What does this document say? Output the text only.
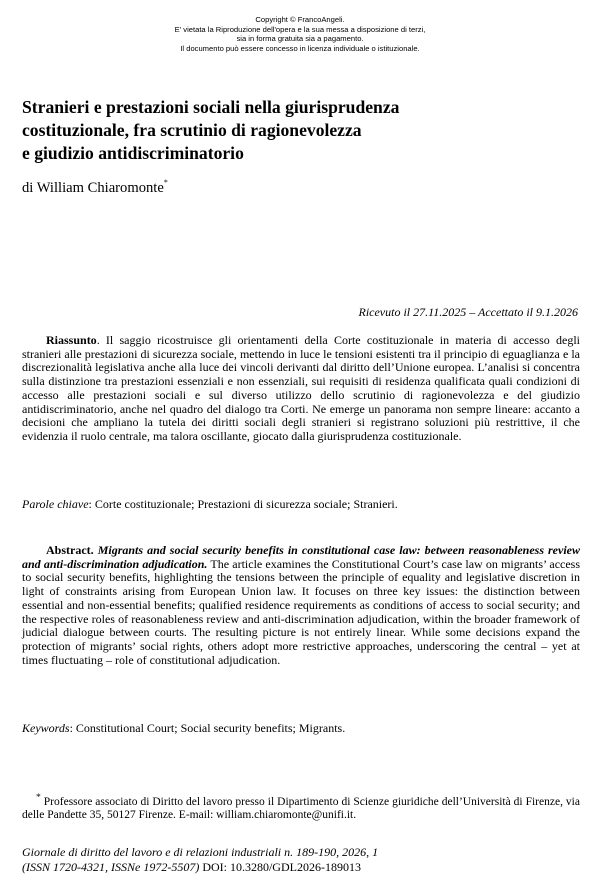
Copyright © FrancoAngeli.
E' vietata la Riproduzione dell'opera e la sua messa a disposizione di terzi,
sia in forma gratuita sia a pagamento.
Il documento può essere concesso in licenza individuale o istituzionale.
Stranieri e prestazioni sociali nella giurisprudenza
costituzionale, fra scrutinio di ragionevolezza
e giudizio antidiscriminatorio
di William Chiaromonte*
Ricevuto il 27.11.2025 – Accettato il 9.1.2026

Riassunto. Il saggio ricostruisce gli orientamenti della Corte costituzionale in materia di accesso degli stranieri alle prestazioni di sicurezza sociale, mettendo in luce le tensioni esistenti tra il principio di eguaglianza e la discrezionalità legislativa anche alla luce dei vincoli derivanti dal diritto dell’Unione europea. L’analisi si concentra sulla distinzione tra prestazioni essenziali e non essenziali, sui requisiti di residenza qualificata quali condizioni di accesso alle prestazioni sociali e sul diverso utilizzo dello scrutinio di ragionevolezza e del giudizio antidiscriminatorio, anche nel quadro del dialogo tra Corti. Ne emerge un panorama non sempre lineare: accanto a decisioni che ampliano la tutela dei diritti sociali degli stranieri si registrano soluzioni più restrittive, il che evidenzia il ruolo centrale, ma talora oscillante, giocato dalla giurisprudenza costituzionale.

Parole chiave: Corte costituzionale; Prestazioni di sicurezza sociale; Stranieri.

Abstract. Migrants and social security benefits in constitutional case law: between reasonableness review and anti-discrimination adjudication. The article examines the Constitutional Court’s case law on migrants’ access to social security benefits, highlighting the tensions between the principle of equality and legislative discretion in light of constraints arising from European Union law. It focuses on three key issues: the distinction between essential and non-essential benefits; qualified residence requirements as conditions of access to social security; and the respective roles of reasonableness review and anti-discrimination adjudication, within the broader framework of judicial dialogue between courts. The resulting picture is not entirely linear. While some decisions expand the protection of migrants’ social rights, others adopt more restrictive approaches, underscoring the central – yet at times fluctuating – role of constitutional adjudication.

Keywords: Constitutional Court; Social security benefits; Migrants.

* Professore associato di Diritto del lavoro presso il Dipartimento di Scienze giuridiche dell’Università di Firenze, via delle Pandette 35, 50127 Firenze. E-mail: william.chiaromonte@unifi.it.

Giornale di diritto del lavoro e di relazioni industriali n. 189-190, 2026, 1
(ISSN 1720-4321, ISSNe 1972-5507) DOI: 10.3280/GDL2026-189013
